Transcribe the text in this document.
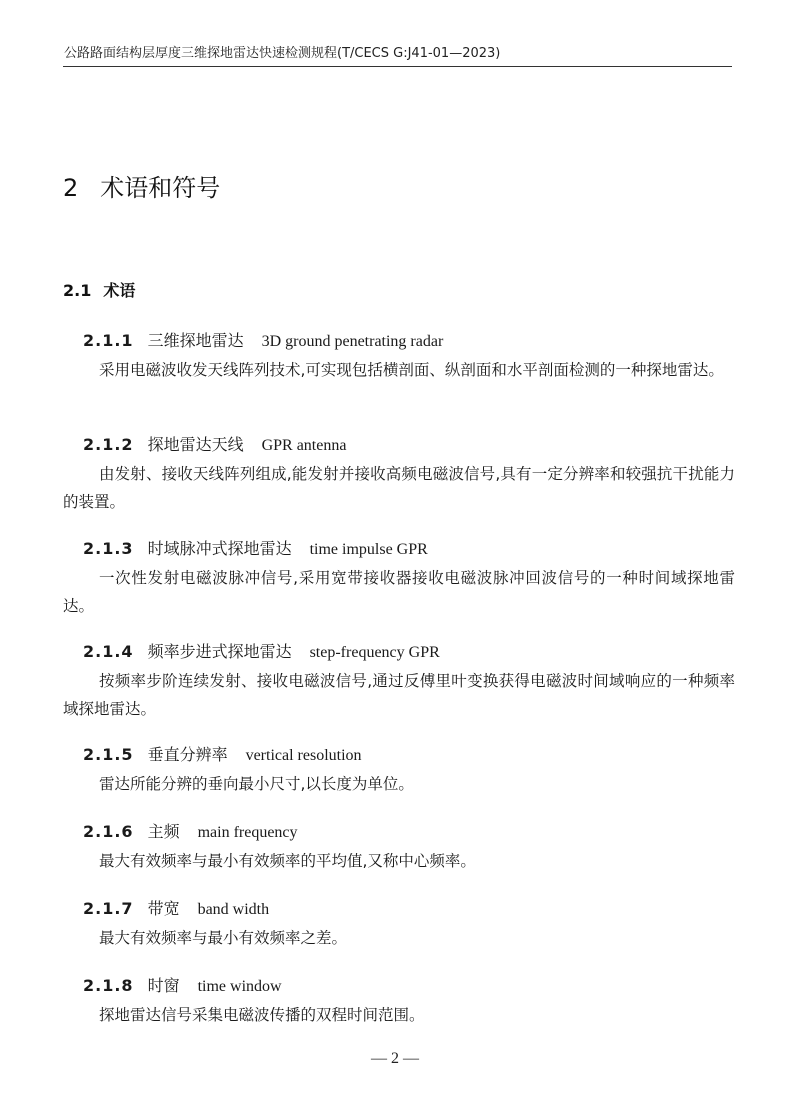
公路路面结构层厚度三维探地雷达快速检测规程(T/CECS G:J41-01—2023)
2 术语和符号
2.1 术语
2.1.1 三维探地雷达 3D ground penetrating radar

采用电磁波收发天线阵列技术,可实现包括横剖面、纵剖面和水平剖面检测的一种探地雷达。

2.1.2 探地雷达天线 GPR antenna

由发射、接收天线阵列组成,能发射并接收高频电磁波信号,具有一定分辨率和较强抗干扰能力的装置。

2.1.3 时域脉冲式探地雷达 time impulse GPR

一次性发射电磁波脉冲信号,采用宽带接收器接收电磁波脉冲回波信号的一种时间域探地雷达。

2.1.4 频率步进式探地雷达 step-frequency GPR

按频率步阶连续发射、接收电磁波信号,通过反傅里叶变换获得电磁波时间域响应的一种频率域探地雷达。

2.1.5 垂直分辨率 vertical resolution

雷达所能分辨的垂向最小尺寸,以长度为单位。

2.1.6 主频 main frequency

最大有效频率与最小有效频率的平均值,又称中心频率。

2.1.7 带宽 band width

最大有效频率与最小有效频率之差。

2.1.8 时窗 time window

探地雷达信号采集电磁波传播的双程时间范围。

— 2 —
